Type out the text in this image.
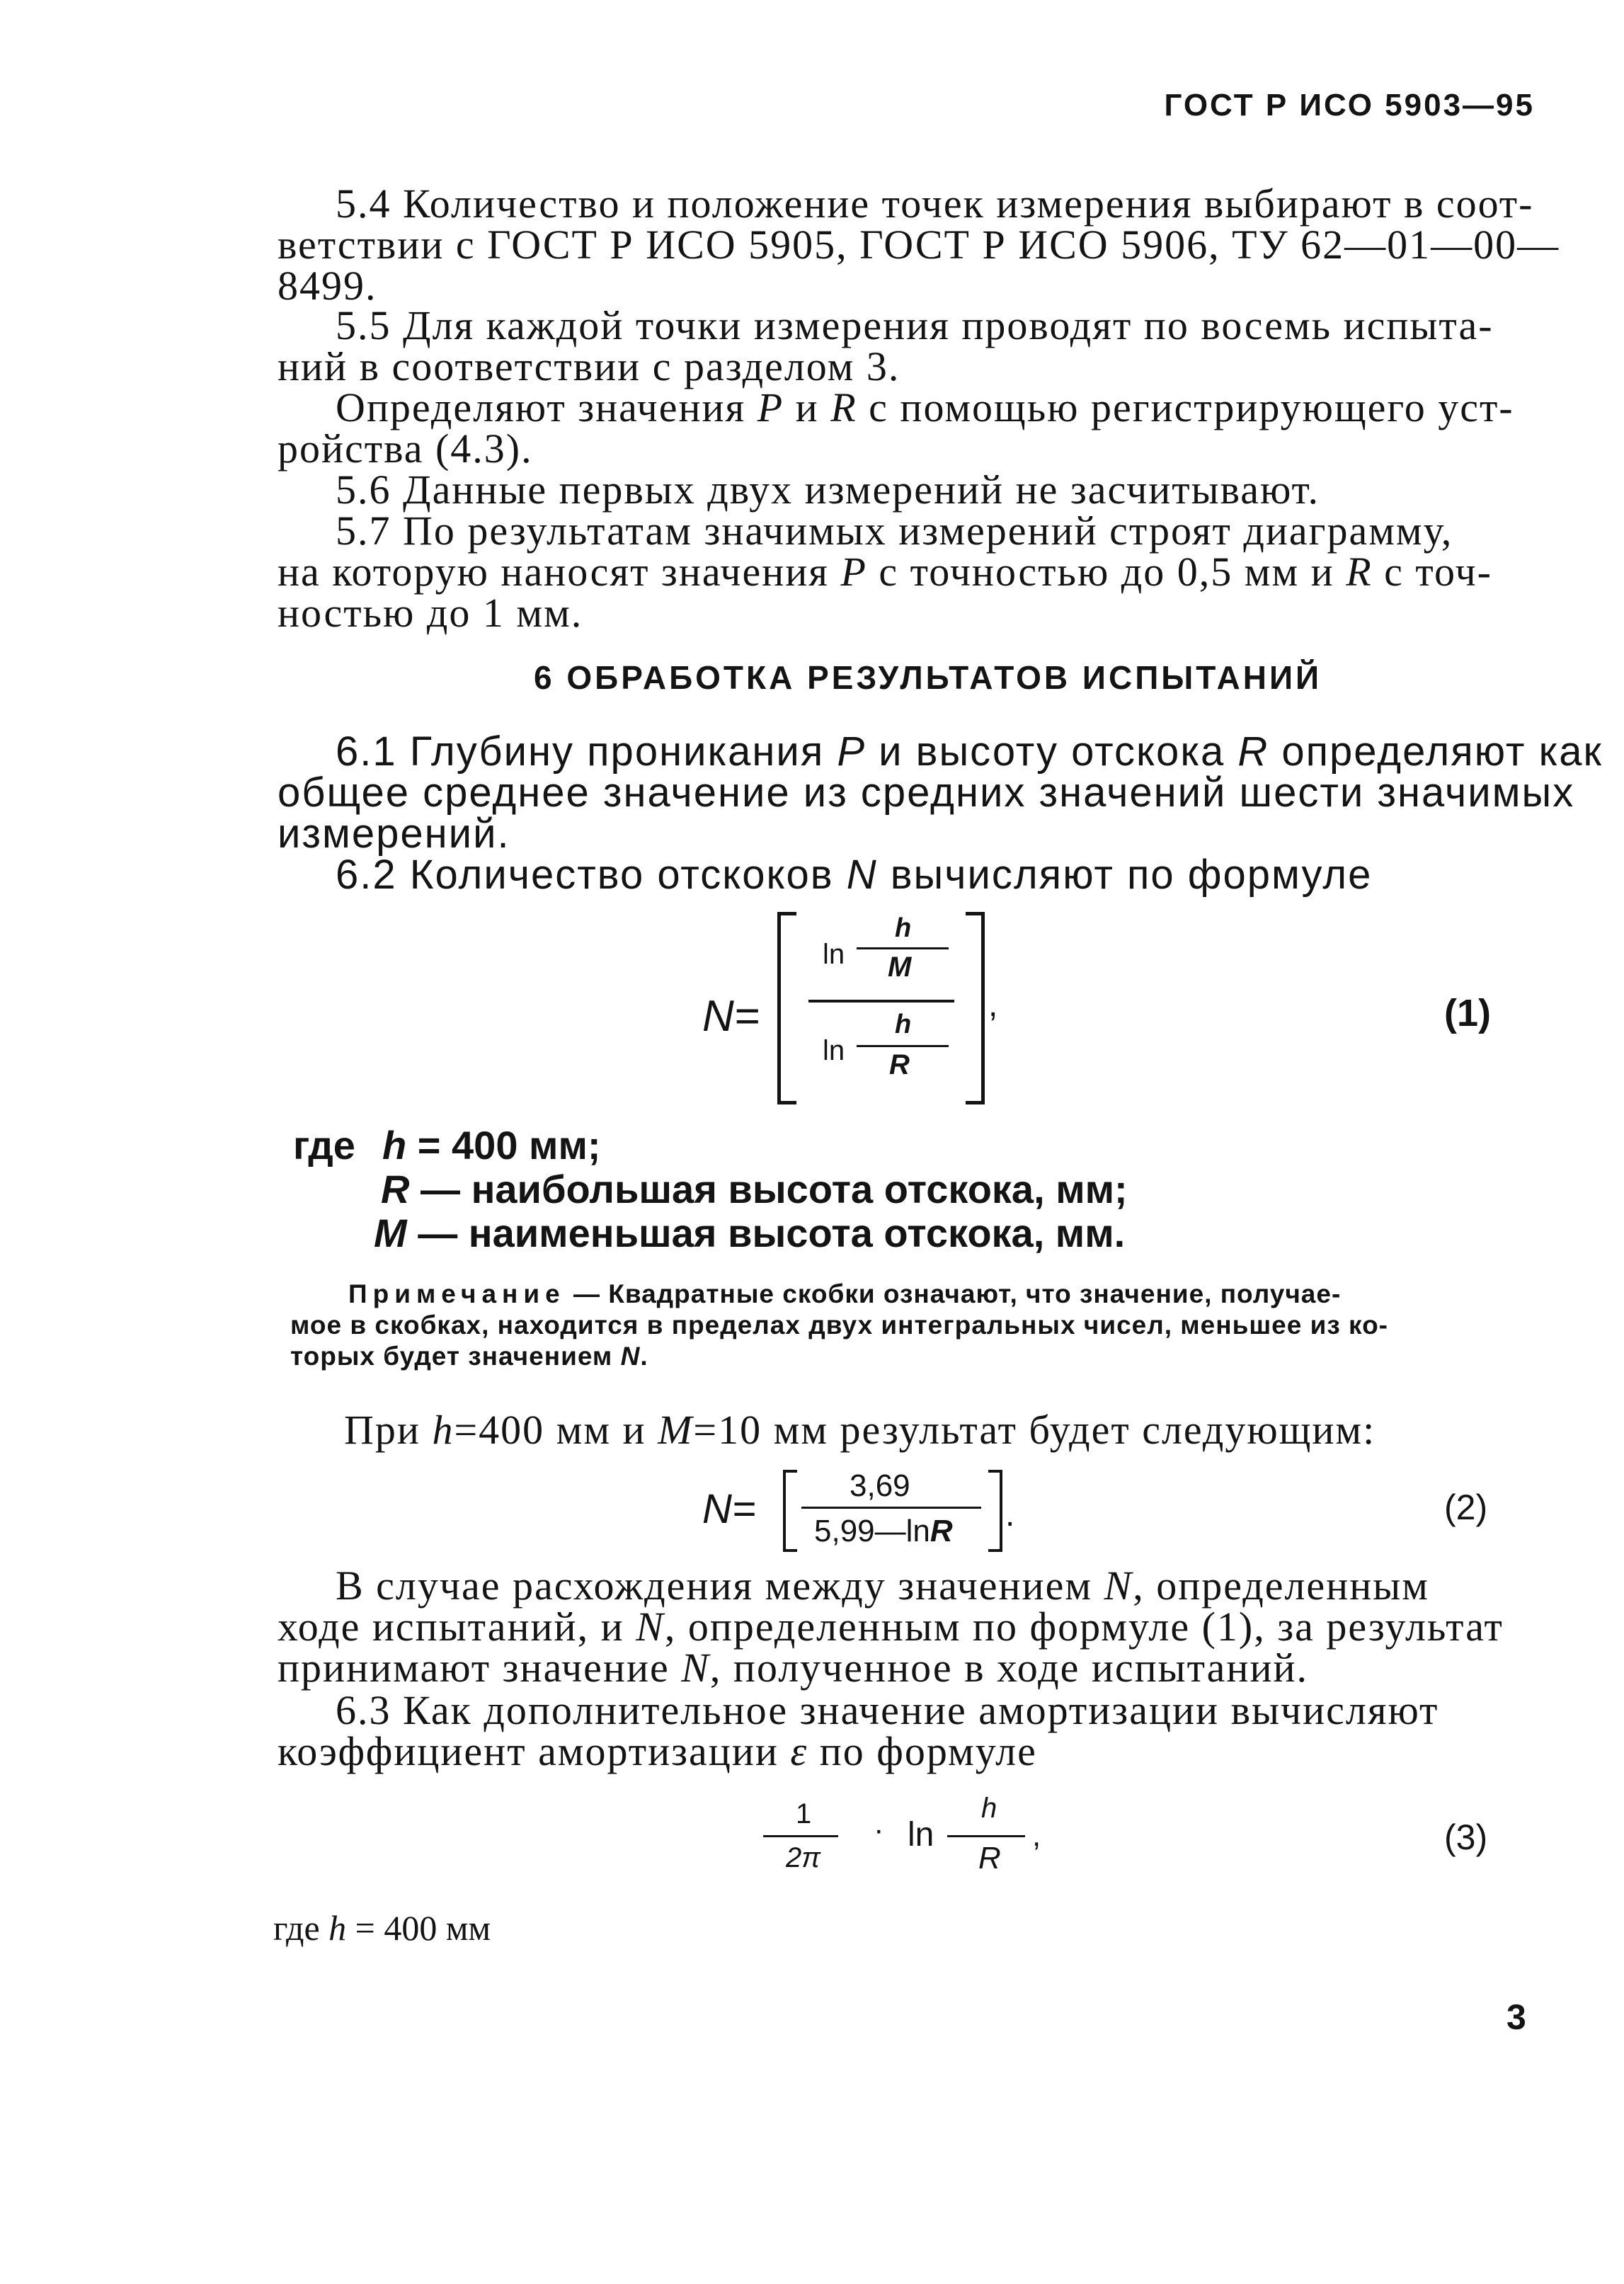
ГОСТ Р ИСО 5903—95
5.4 Количество и положение точек измерения выбирают в соот-
ветствии с ГОСТ Р ИСО 5905, ГОСТ Р ИСО 5906, ТУ 62—01—00—
8499.
5.5 Для каждой точки измерения проводят по восемь испыта-
ний в соответствии с разделом 3.
Определяют значения P и R с помощью регистрирующего уст-
ройства (4.3).
5.6 Данные первых двух измерений не засчитывают.
5.7 По результатам значимых измерений строят диаграмму,
на которую наносят значения P с точностью до 0,5 мм и R с точ-
ностью до 1 мм.
6 ОБРАБОТКА РЕЗУЛЬТАТОВ ИСПЫТАНИЙ
6.1 Глубину проникания P и высоту отскока R определяют как
общее среднее значение из средних значений шести значимых
измерений.
6.2 Количество отскоков N вычисляют по формуле
N=
ln
h
M
ln
h
R
,	(1)
где h = 400 мм;
R — наибольшая высота отскока, мм;
M — наименьшая высота отскока, мм.
Примечание — Квадратные скобки означают, что значение, получае-
мое в скобках, находится в пределах двух интегральных чисел, меньшее из ко-
торых будет значением N.
При h=400 мм и M=10 мм результат будет следующим:
N=
3,69
5,99—lnR .	(2)
В случае расхождения между значением N, определенным
ходе испытаний, и N, определенным по формуле (1), за результат
принимают значение N, полученное в ходе испытаний.
6.3 Как дополнительное значение амортизации вычисляют
коэффициент амортизации ε по формуле
1
2π
· ln
h
R
,	(3)
где h = 400 мм
3
